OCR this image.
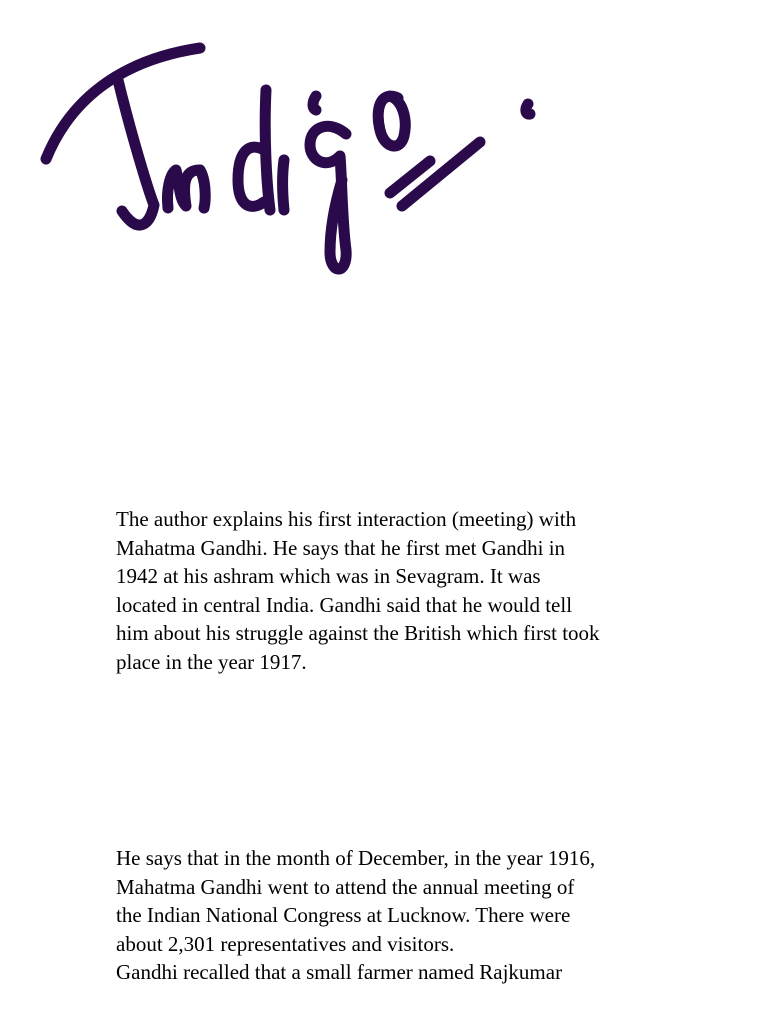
The author explains his first interaction (meeting) with
Mahatma Gandhi. He says that he first met Gandhi in
1942 at his ashram which was in Sevagram. It was
located in central India. Gandhi said that he would tell
him about his struggle against the British which first took
place in the year 1917.

He says that in the month of December, in the year 1916,
Mahatma Gandhi went to attend the annual meeting of
the Indian National Congress at Lucknow. There were
about 2,301 representatives and visitors.
Gandhi recalled that a small farmer named Rajkumar
